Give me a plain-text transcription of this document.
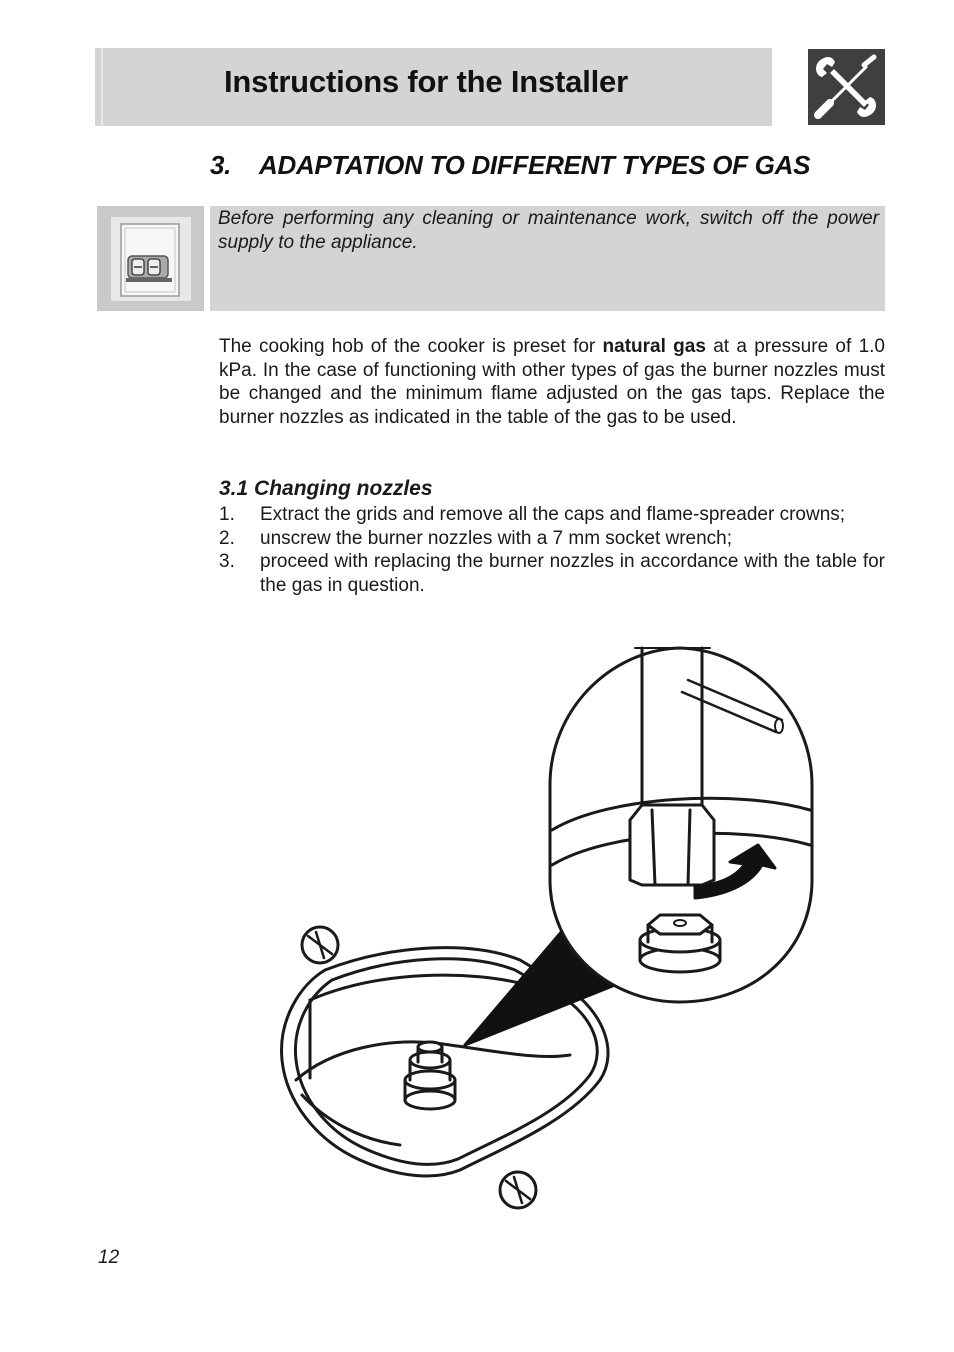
Instructions for the Installer
3. ADAPTATION TO DIFFERENT TYPES OF GAS
Before performing any cleaning or maintenance work, switch off the power supply to the appliance.
The cooking hob of the cooker is preset for natural gas at a pressure of 1.0 kPa. In the case of functioning with other types of gas the burner nozzles must be changed and the minimum flame adjusted on the gas taps. Replace the burner nozzles as indicated in the table of the gas to be used.
3.1 Changing nozzles
1. Extract the grids and remove all the caps and flame-spreader crowns;
2. unscrew the burner nozzles with a 7 mm socket wrench;
3. proceed with replacing the burner nozzles in accordance with the table for the gas in question.
12
